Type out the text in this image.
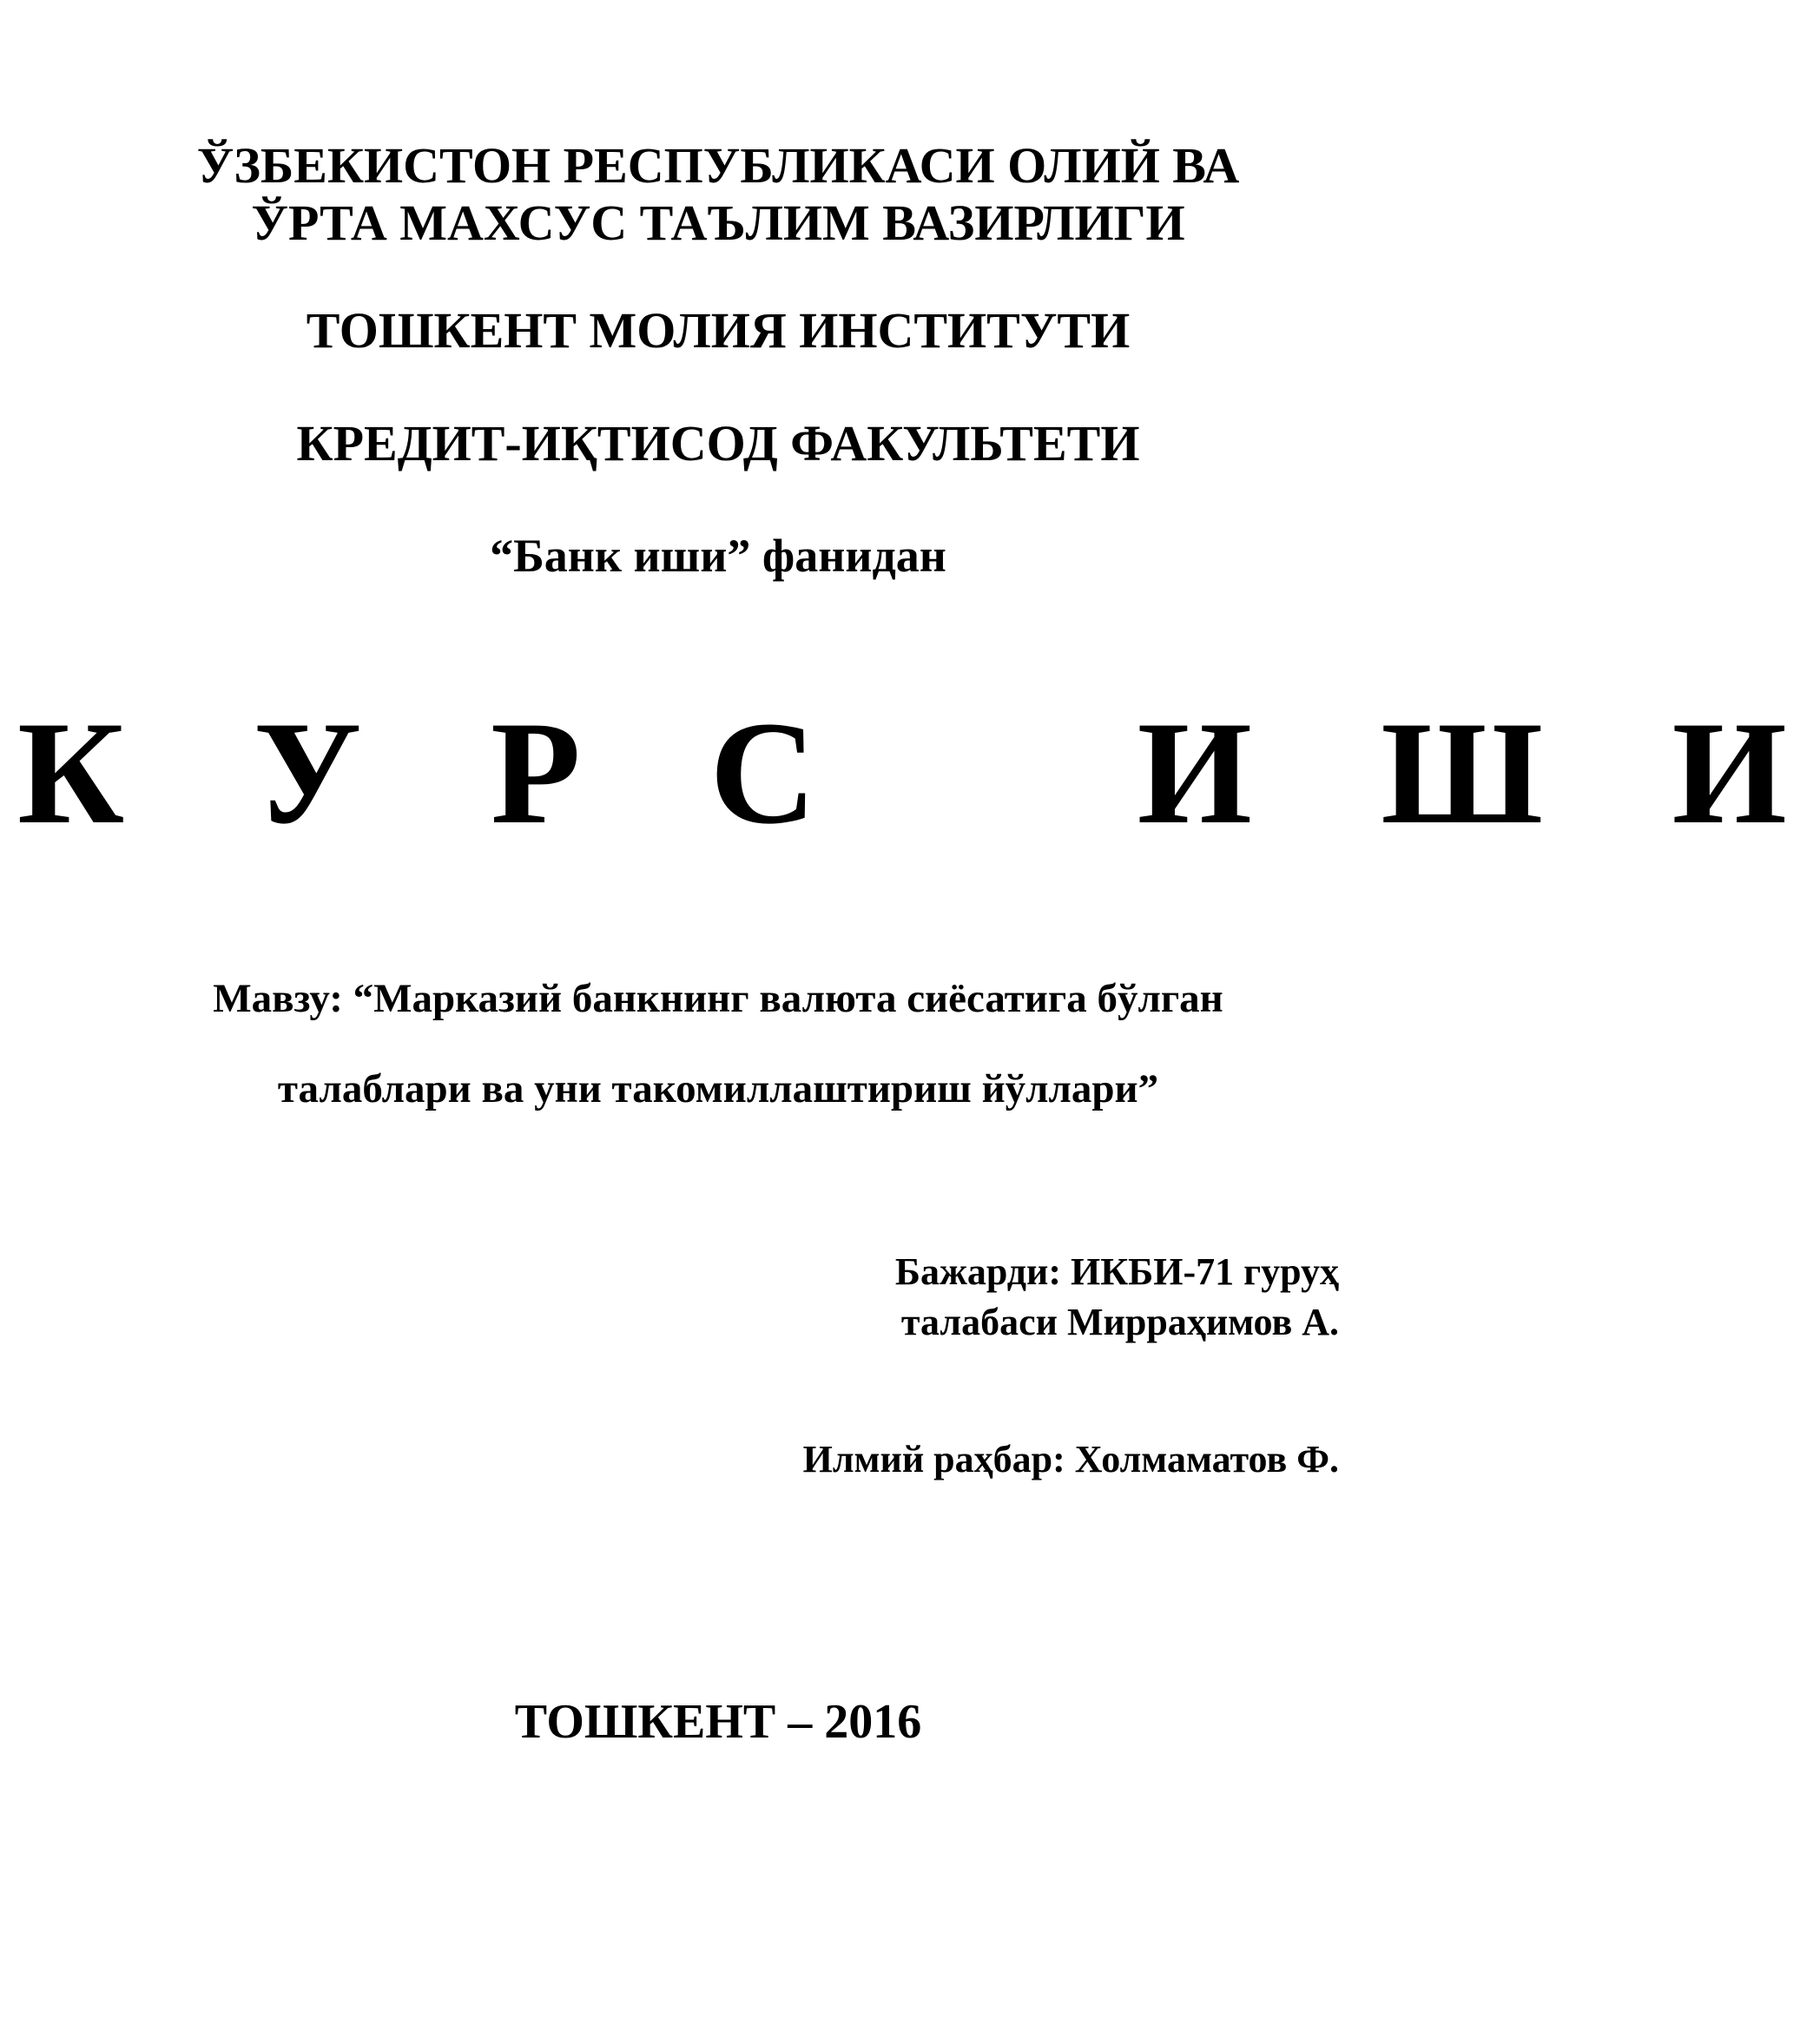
ЎЗБЕКИСТОН РЕСПУБЛИКАСИ ОЛИЙ ВА
ЎРТА МАХСУС ТАЪЛИМ ВАЗИРЛИГИ
ТОШКЕНТ МОЛИЯ ИНСТИТУТИ
КРЕДИТ-ИҚТИСОД ФАКУЛЬТЕТИ
“Банк иши” фанидан
К У Р С   И Ш И
Мавзу: “Марказий банкнинг валюта сиёсатига бўлган
талаблари ва уни такомиллаштириш йўллари”
Бажарди: ИКБИ-71 гуруҳ
талабаси Мирраҳимов А.
Илмий раҳбар: Холмаматов Ф.
ТОШКЕНТ – 2016
